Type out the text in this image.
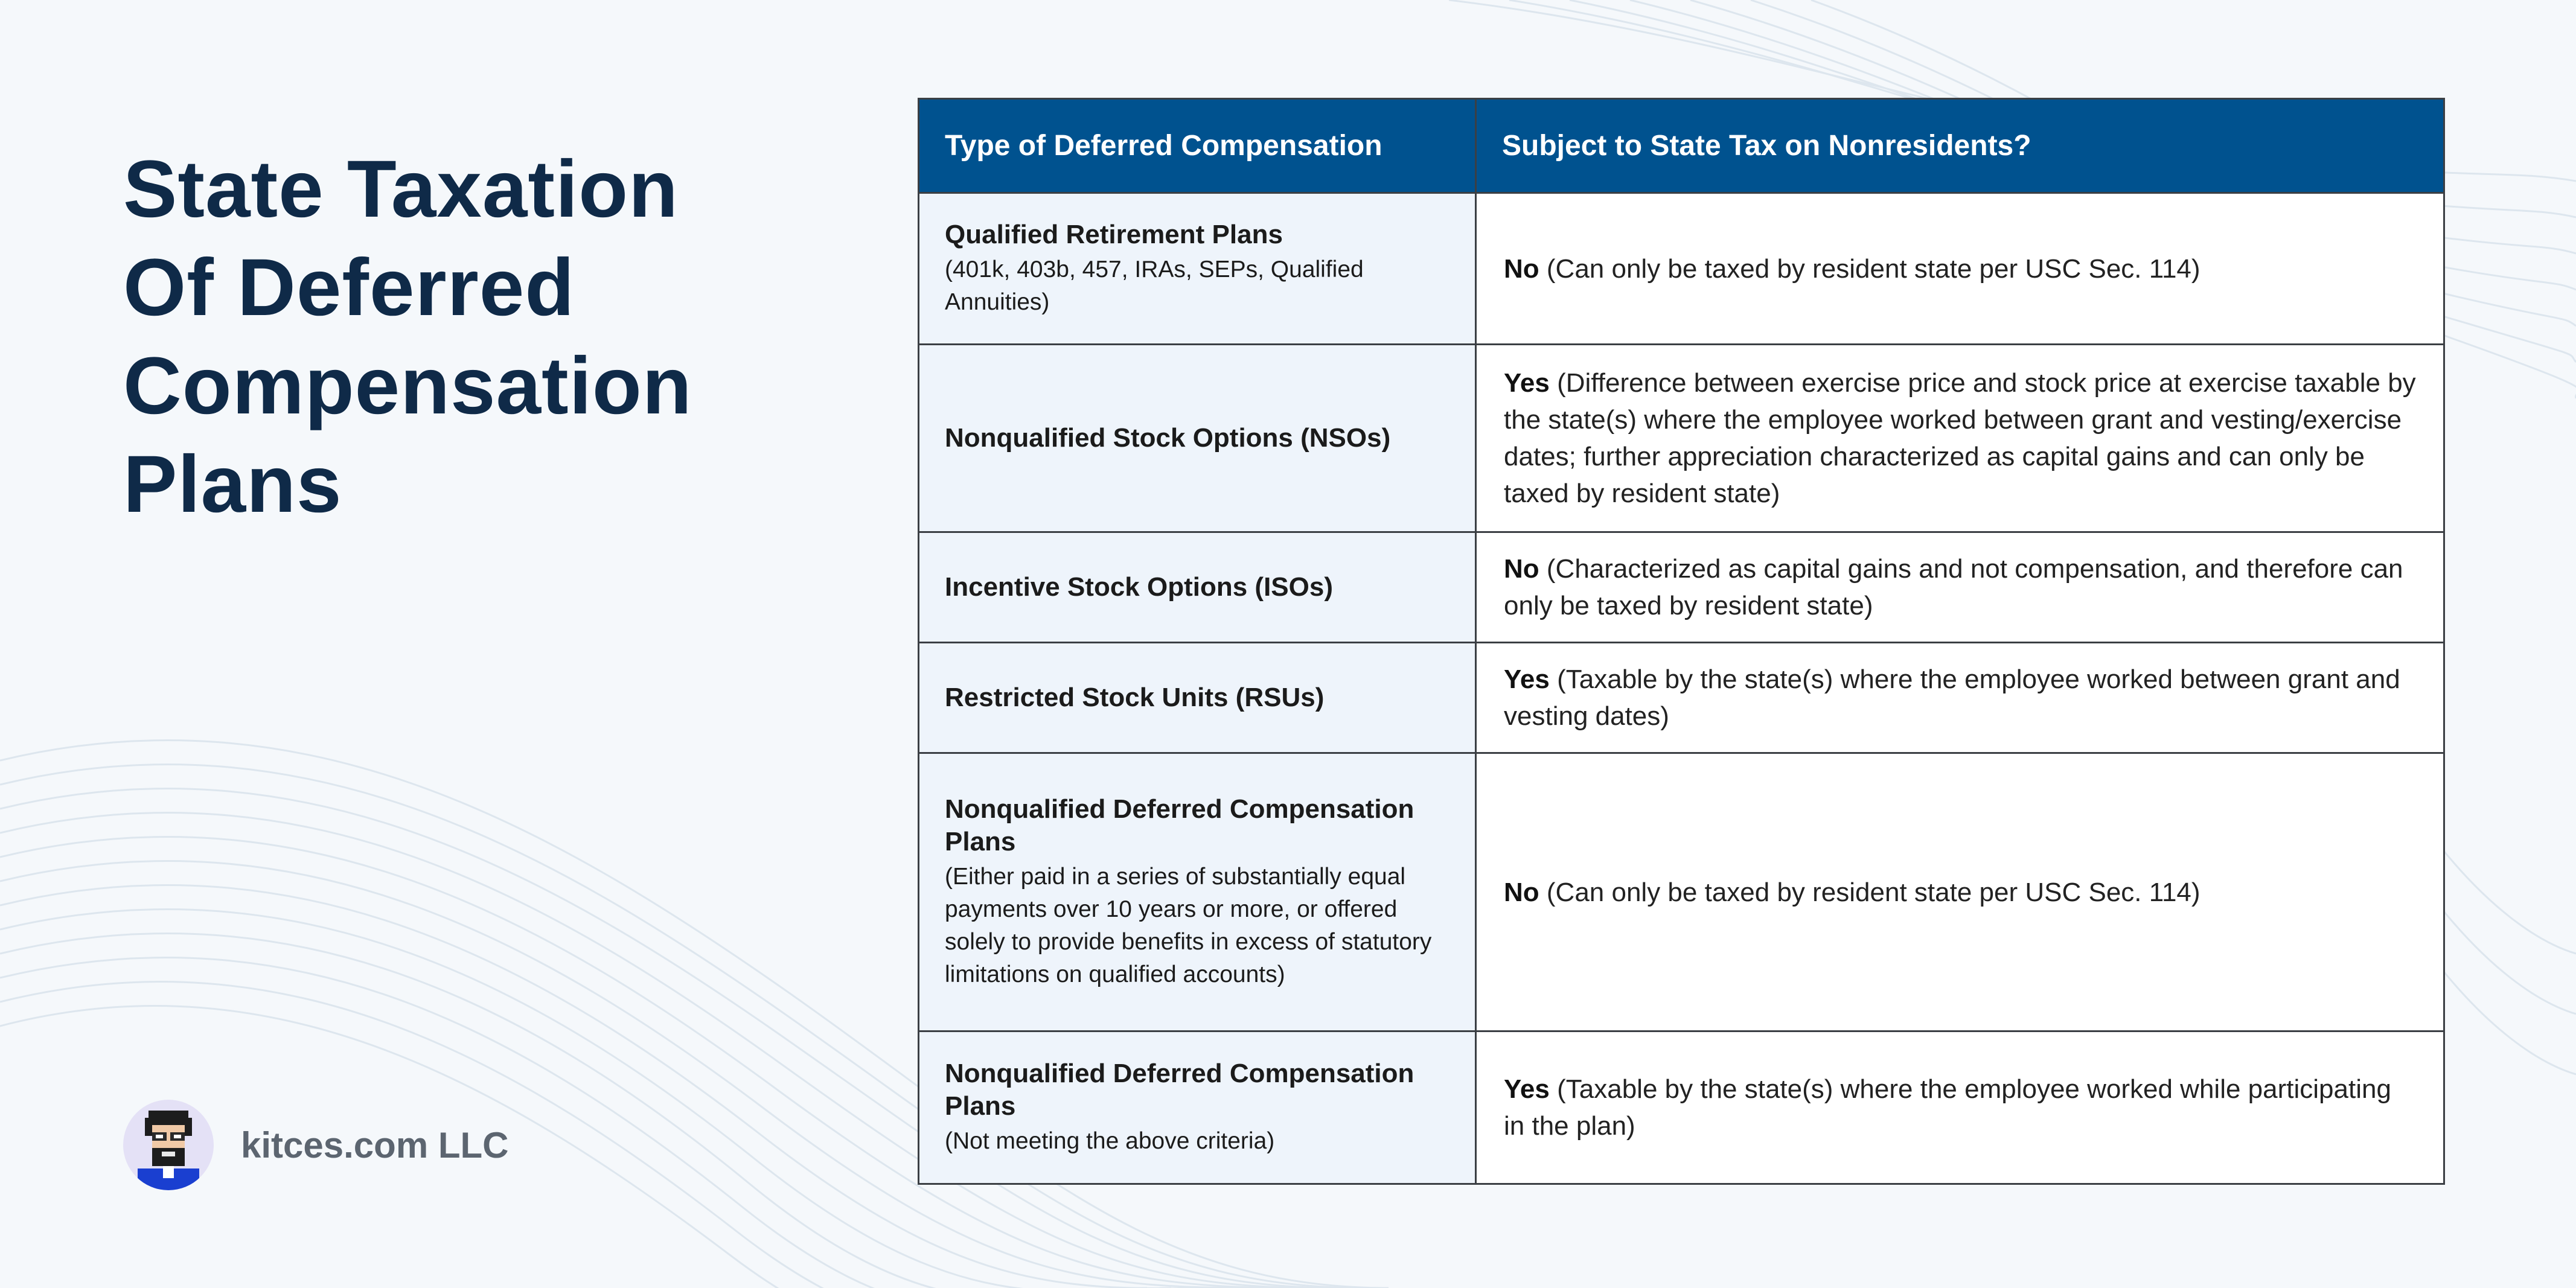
State Taxation
Of Deferred
Compensation
Plans
Type of Deferred Compensation	Subject to State Tax on Nonresidents?

Qualified Retirement Plans
(401k, 403b, 457, IRAs, SEPs, Qualified Annuities)	No (Can only be taxed by resident state per USC Sec. 114)

Nonqualified Stock Options (NSOs)	Yes (Difference between exercise price and stock price at exercise taxable by the state(s) where the employee worked between grant and vesting/exercise dates; further appreciation characterized as capital gains and can only be taxed by resident state)

Incentive Stock Options (ISOs)	No (Characterized as capital gains and not compensation, and therefore can only be taxed by resident state)

Restricted Stock Units (RSUs)	Yes (Taxable by the state(s) where the employee worked between grant and vesting dates)

Nonqualified Deferred Compensation Plans
(Either paid in a series of substantially equal payments over 10 years or more, or offered solely to provide benefits in excess of statutory limitations on qualified accounts)	No (Can only be taxed by resident state per USC Sec. 114)

Nonqualified Deferred Compensation Plans
(Not meeting the above criteria)	Yes (Taxable by the state(s) where the employee worked while participating in the plan)
kitces.com LLC
